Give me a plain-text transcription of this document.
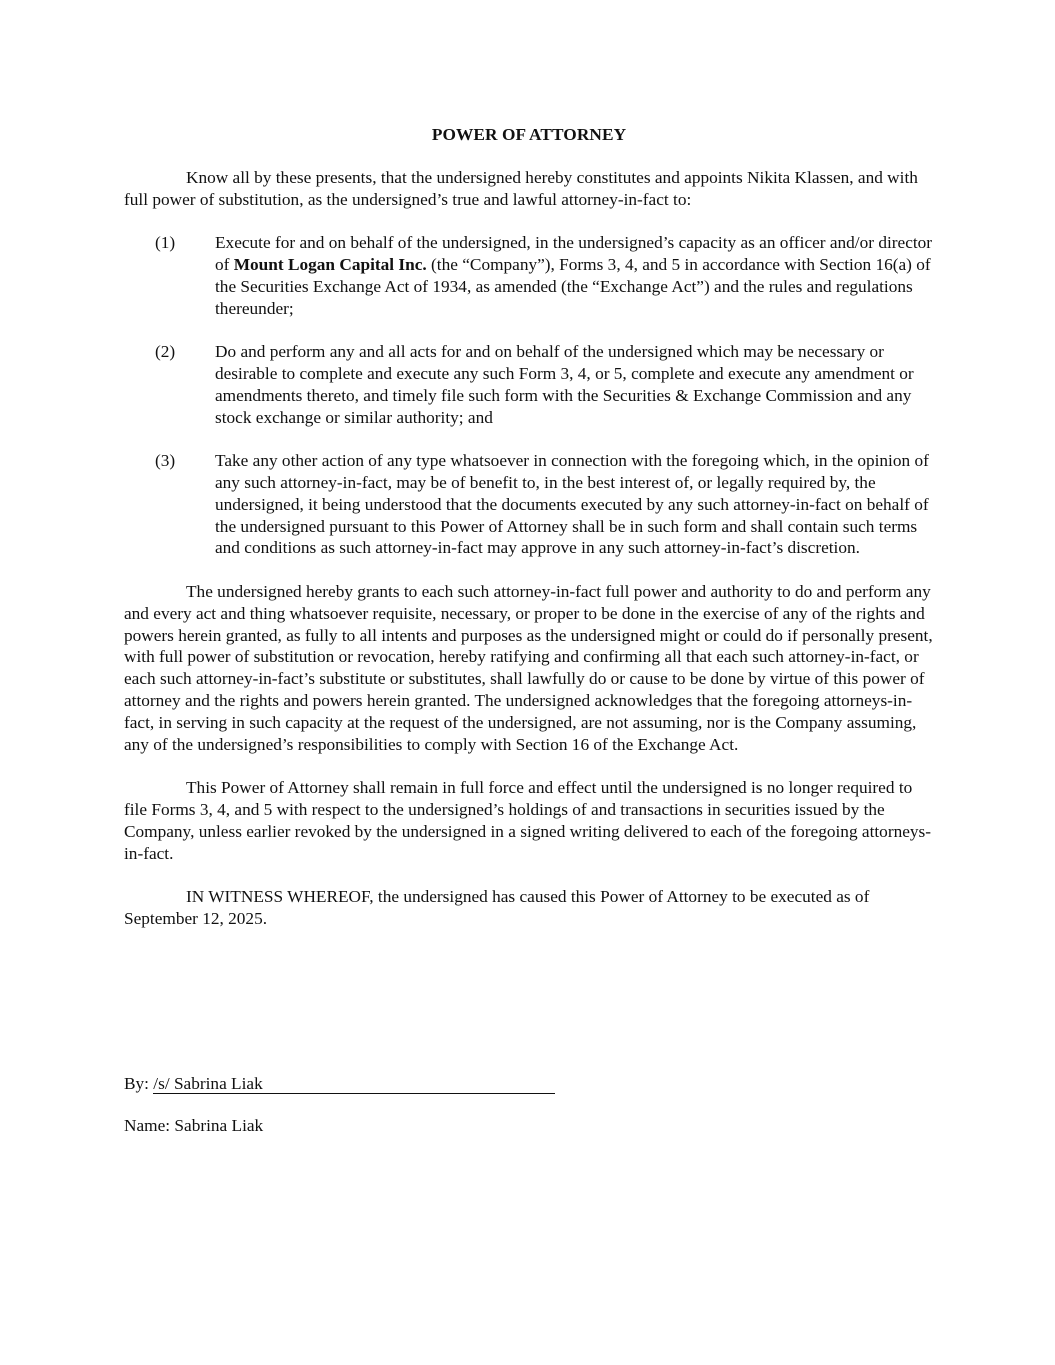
POWER OF ATTORNEY

Know all by these presents, that the undersigned hereby constitutes and appoints Nikita Klassen, and with full power of substitution, as the undersigned’s true and lawful attorney-in-fact to:

(1) Execute for and on behalf of the undersigned, in the undersigned’s capacity as an officer and/or director of Mount Logan Capital Inc. (the “Company”), Forms 3, 4, and 5 in accordance with Section 16(a) of the Securities Exchange Act of 1934, as amended (the “Exchange Act”) and the rules and regulations thereunder;
(2) Do and perform any and all acts for and on behalf of the undersigned which may be necessary or desirable to complete and execute any such Form 3, 4, or 5, complete and execute any amendment or amendments thereto, and timely file such form with the Securities & Exchange Commission and any stock exchange or similar authority; and
(3) Take any other action of any type whatsoever in connection with the foregoing which, in the opinion of any such attorney-in-fact, may be of benefit to, in the best interest of, or legally required by, the undersigned, it being understood that the documents executed by any such attorney-in-fact on behalf of the undersigned pursuant to this Power of Attorney shall be in such form and shall contain such terms and conditions as such attorney-in-fact may approve in any such attorney-in-fact’s discretion.

The undersigned hereby grants to each such attorney-in-fact full power and authority to do and perform any and every act and thing whatsoever requisite, necessary, or proper to be done in the exercise of any of the rights and powers herein granted, as fully to all intents and purposes as the undersigned might or could do if personally present, with full power of substitution or revocation, hereby ratifying and confirming all that each such attorney-in-fact, or each such attorney-in-fact’s substitute or substitutes, shall lawfully do or cause to be done by virtue of this power of attorney and the rights and powers herein granted. The undersigned acknowledges that the foregoing attorneys-in-fact, in serving in such capacity at the request of the undersigned, are not assuming, nor is the Company assuming, any of the undersigned’s responsibilities to comply with Section 16 of the Exchange Act.

This Power of Attorney shall remain in full force and effect until the undersigned is no longer required to file Forms 3, 4, and 5 with respect to the undersigned’s holdings of and transactions in securities issued by the Company, unless earlier revoked by the undersigned in a signed writing delivered to each of the foregoing attorneys-in-fact.

IN WITNESS WHEREOF, the undersigned has caused this Power of Attorney to be executed as of September 12, 2025.

By: /s/ Sabrina Liak
Name: Sabrina Liak
